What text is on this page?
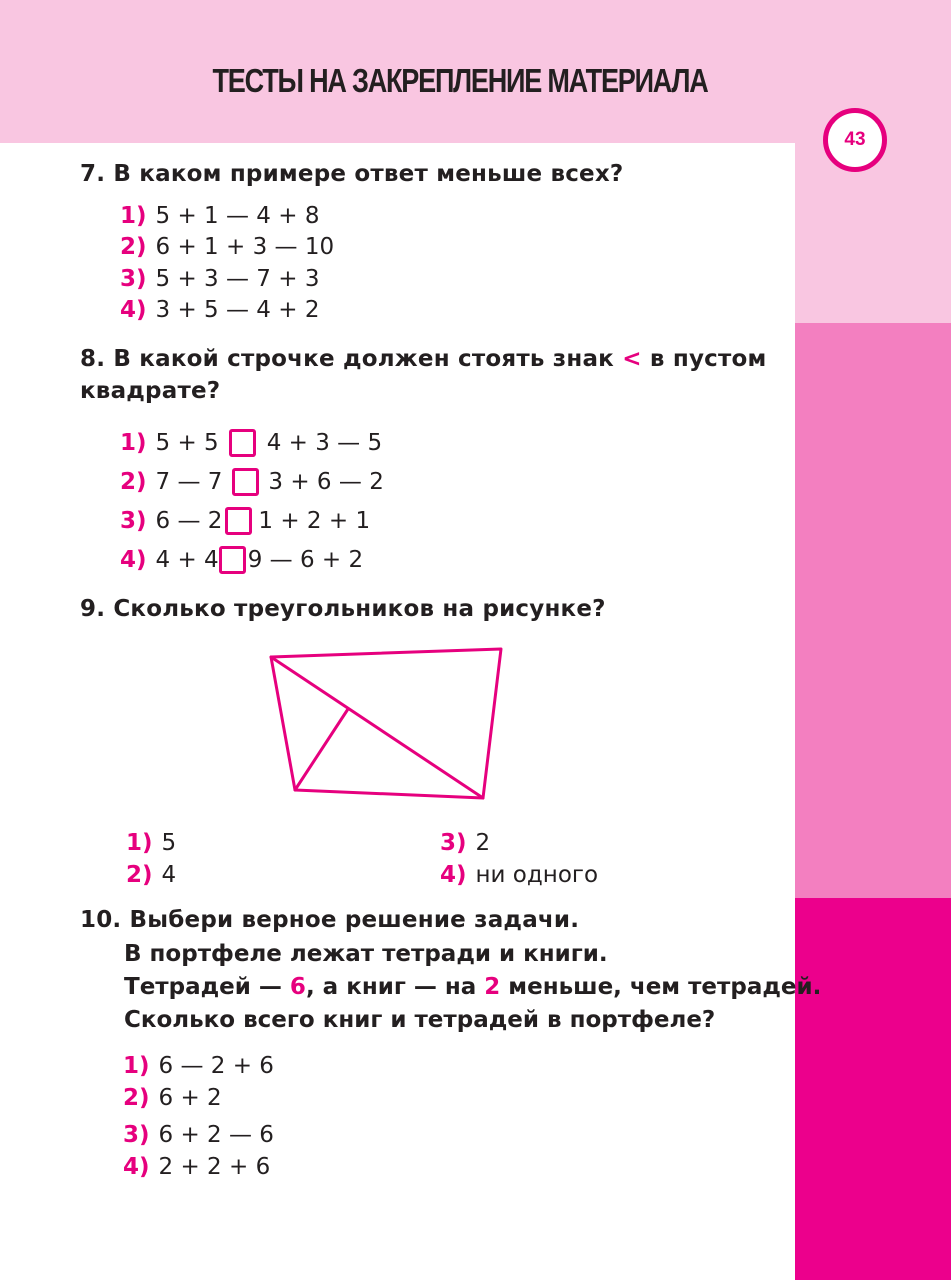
ТЕСТЫ НА ЗАКРЕПЛЕНИЕ МАТЕРИАЛА
43
7. В каком примере ответ меньше всех?
1) 5 + 1 — 4 + 8
2) 6 + 1 + 3 — 10
3) 5 + 3 — 7 + 3
4) 3 + 5 — 4 + 2
8. В какой строчке должен стоять знак < в пустом
квадрате?
1) 5 + 5 4 + 3 — 5
2) 7 — 7 3 + 6 — 2
3) 6 — 2 1 + 2 + 1
4) 4 + 4 9 — 6 + 2
9. Сколько треугольников на рисунке?
1) 5
2) 4
3) 2
4) ни одного
10. Выбери верное решение задачи.
В портфеле лежат тетради и книги.
Тетрадей — 6, а книг — на 2 меньше, чем тетрадей.
Сколько всего книг и тетрадей в портфеле?
1) 6 — 2 + 6
2) 6 + 2
3) 6 + 2 — 6
4) 2 + 2 + 6
